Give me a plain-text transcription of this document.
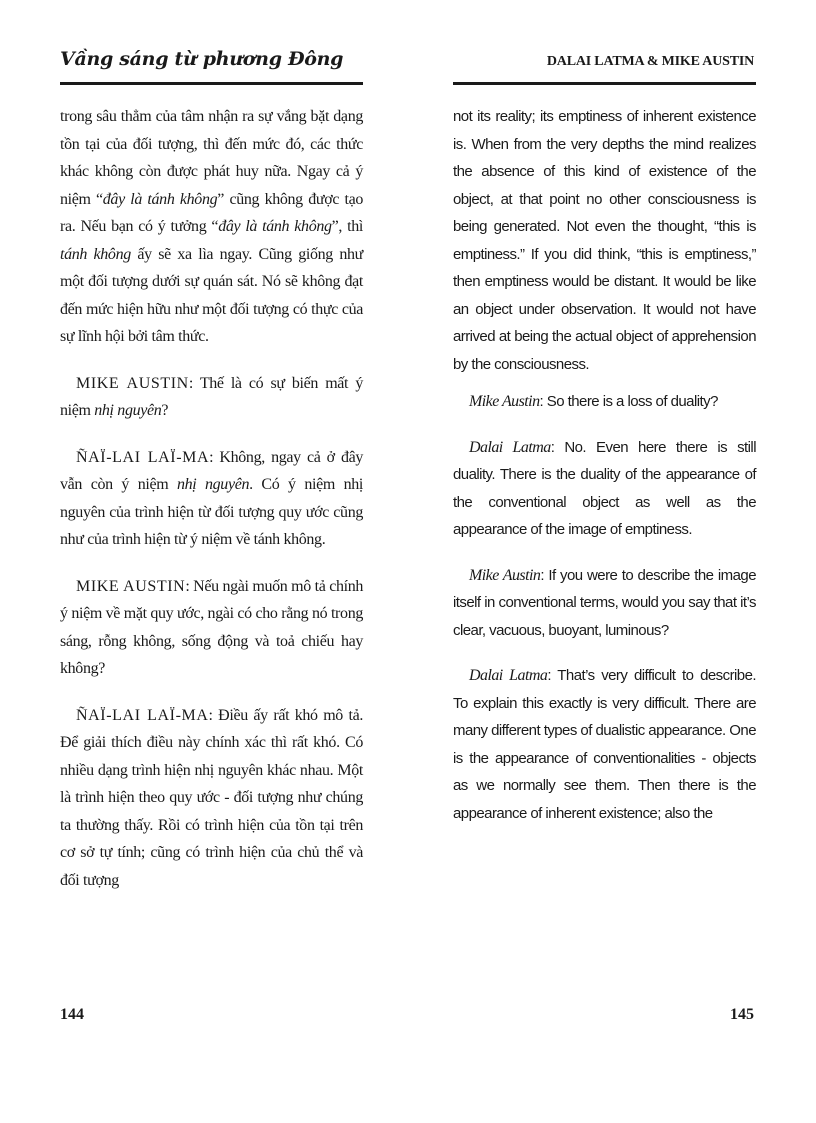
Vầng sáng từ phương Đông	DALAI LATMA & MIKE AUSTIN

trong sâu thẳm của tâm nhận ra sự vắng bặt dạng tồn tại của đối tượng, thì đến mức đó, các thức khác không còn được phát huy nữa. Ngay cả ý niệm “đây là tánh không” cũng không được tạo ra. Nếu bạn có ý tưởng “đây là tánh không”, thì tánh không ấy sẽ xa lìa ngay. Cũng giống như một đối tượng dưới sự quán sát. Nó sẽ không đạt đến mức hiện hữu như một đối tượng có thực của sự lĩnh hội bởi tâm thức.

MIKE AUSTIN: Thế là có sự biến mất ý niệm nhị nguyên?

ÑAÏ-LAI LAÏ-MA: Không, ngay cả ở đây vẫn còn ý niệm nhị nguyên. Có ý niệm nhị nguyên của trình hiện từ đối tượng quy ước cũng như của trình hiện từ ý niệm về tánh không.

MIKE AUSTIN: Nếu ngài muốn mô tả chính ý niệm về mặt quy ước, ngài có cho rằng nó trong sáng, rỗng không, sống động và toả chiếu hay không?

ÑAÏ-LAI LAÏ-MA: Điều ấy rất khó mô tả. Để giải thích điều này chính xác thì rất khó. Có nhiều dạng trình hiện nhị nguyên khác nhau. Một là trình hiện theo quy ước - đối tượng như chúng ta thường thấy. Rồi có trình hiện của tồn tại trên cơ sở tự tính; cũng có trình hiện của chủ thể và đối tượng

not its reality; its emptiness of inherent existence is. When from the very depths the mind realizes the absence of this kind of existence of the object, at that point no other consciousness is being generated. Not even the thought, “this is emptiness.” If you did think, “this is emptiness,” then emptiness would be distant. It would be like an object under observation. It would not have arrived at being the actual object of apprehension by the consciousness.

Mike Austin: So there is a loss of duality?

Dalai Latma: No. Even here there is still duality. There is the duality of the appearance of the conventional object as well as the appearance of the image of emptiness.

Mike Austin: If you were to describe the image itself in conventional terms, would you say that it’s clear, vacuous, buoyant, luminous?

Dalai Latma: That’s very difficult to describe. To explain this exactly is very difficult. There are many different types of dualistic appearance. One is the appearance of conventionalities - objects as we normally see them. Then there is the appearance of inherent existence; also the

144	145
